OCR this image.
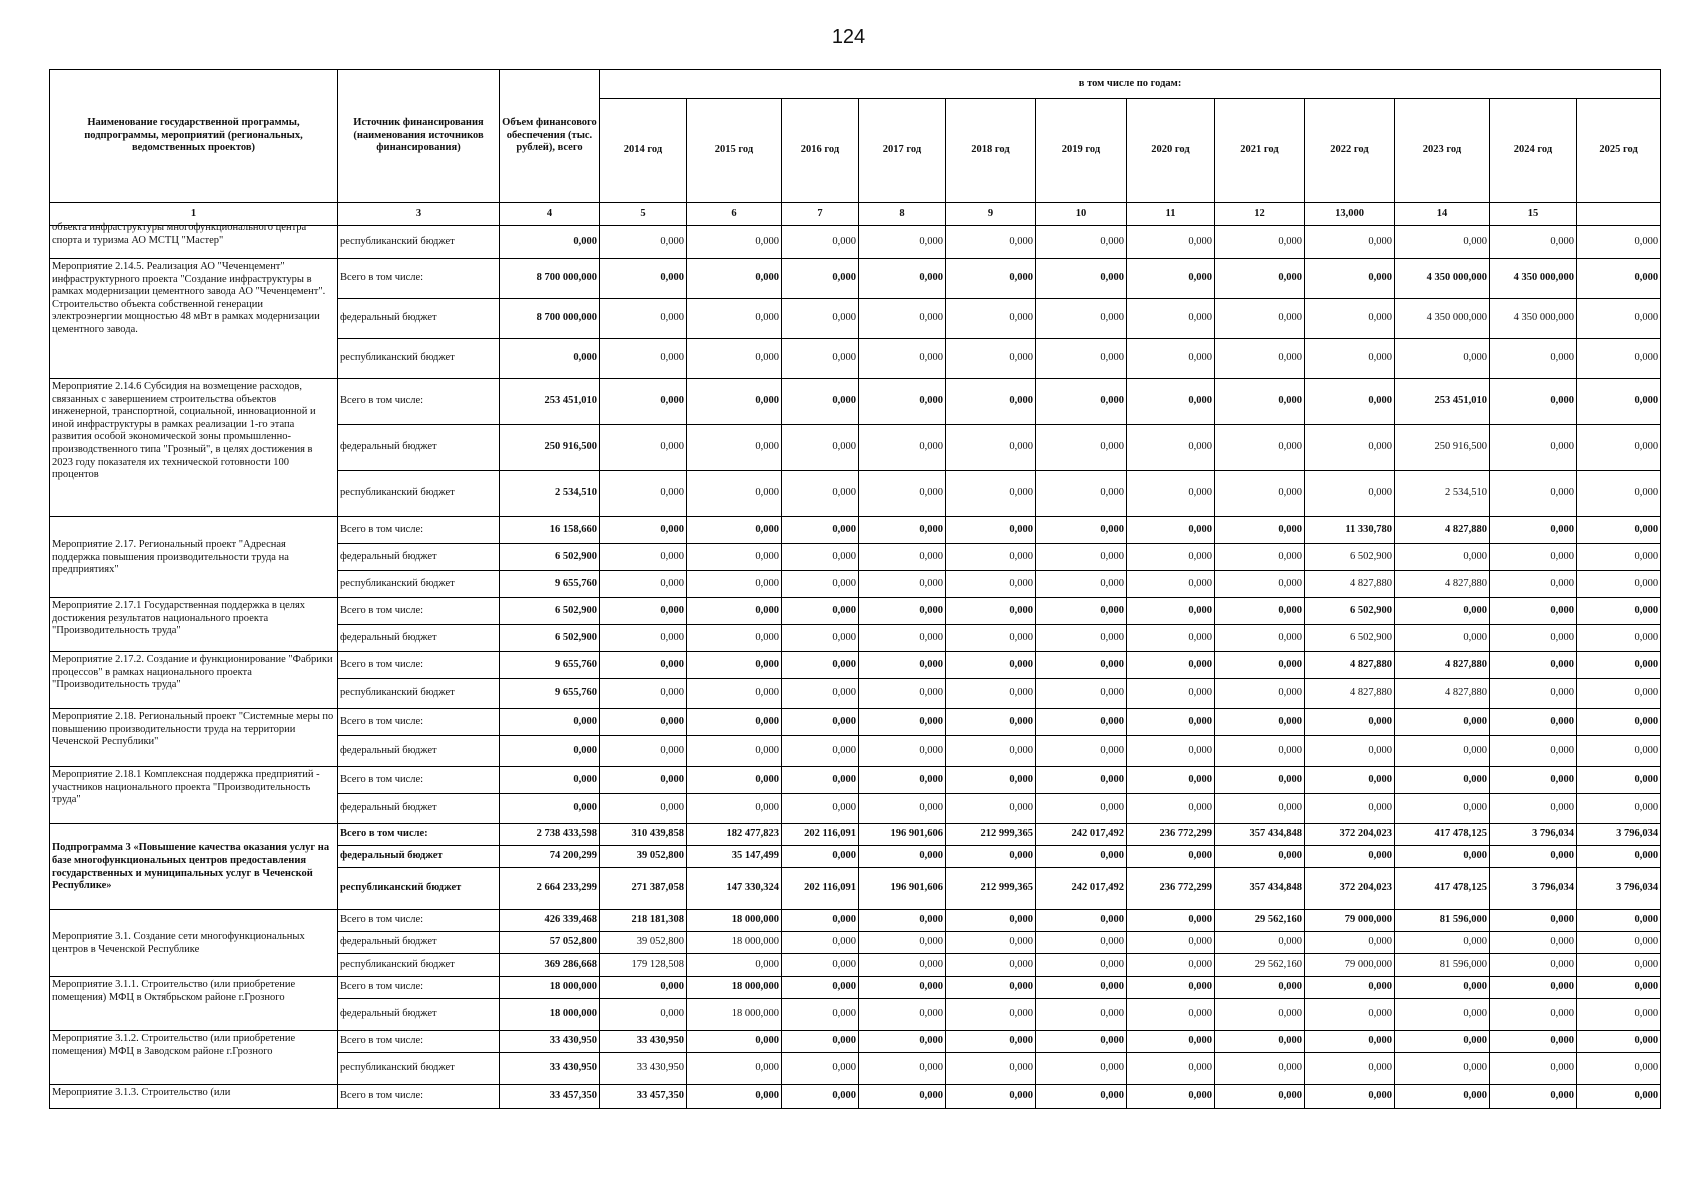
124
Наименование государственной программы, подпрограммы, мероприятий (региональных, ведомственных проектов)	Источник финансирования (наименования источников финансирования)	Объем финансового обеспечения (тыс. рублей), всего	в том числе по годам:											
			2014 год	2015 год	2016 год	2017 год	2018 год	2019 год	2020 год	2021 год	2022 год	2023 год	2024 год	2025 год
1	3	4	5	6	7	8	9	10	11	12	13,000	14	15	

объекта инфраструктуры многофункционального центра спорта и туризма АО МСТЦ "Мастер"	республиканский бюджет	0,000	0,000	0,000	0,000	0,000	0,000	0,000	0,000	0,000	0,000	0,000	0,000	0,000
Мероприятие 2.14.5. Реализация АО "Чеченцемент" инфраструктурного проекта "Создание инфраструктуры в рамках модернизации цементного завода АО "Чеченцемент". Строительство объекта собственной генерации электроэнергии мощностью 48 мВт в рамках модернизации цементного завода.	Всего в том числе:	8 700 000,000	0,000	0,000	0,000	0,000	0,000	0,000	0,000	0,000	0,000	4 350 000,000	4 350 000,000	0,000
	федеральный бюджет	8 700 000,000	0,000	0,000	0,000	0,000	0,000	0,000	0,000	0,000	0,000	4 350 000,000	4 350 000,000	0,000
	республиканский бюджет	0,000	0,000	0,000	0,000	0,000	0,000	0,000	0,000	0,000	0,000	0,000	0,000	0,000
Мероприятие 2.14.6 Субсидия на возмещение расходов, связанных с завершением строительства объектов инженерной, транспортной, социальной, инновационной и иной инфраструктуры в рамках реализации 1-го этапа развития особой экономической зоны промышленно-производственного типа "Грозный", в целях достижения в 2023 году показателя их технической готовности 100 процентов	Всего в том числе:	253 451,010	0,000	0,000	0,000	0,000	0,000	0,000	0,000	0,000	0,000	253 451,010	0,000	0,000
	федеральный бюджет	250 916,500	0,000	0,000	0,000	0,000	0,000	0,000	0,000	0,000	0,000	250 916,500	0,000	0,000
	республиканский бюджет	2 534,510	0,000	0,000	0,000	0,000	0,000	0,000	0,000	0,000	0,000	2 534,510	0,000	0,000
Мероприятие 2.17. Региональный проект "Адресная поддержка повышения производительности труда на предприятиях"	Всего в том числе:	16 158,660	0,000	0,000	0,000	0,000	0,000	0,000	0,000	0,000	11 330,780	4 827,880	0,000	0,000
	федеральный бюджет	6 502,900	0,000	0,000	0,000	0,000	0,000	0,000	0,000	0,000	6 502,900	0,000	0,000	0,000
	республиканский бюджет	9 655,760	0,000	0,000	0,000	0,000	0,000	0,000	0,000	0,000	4 827,880	4 827,880	0,000	0,000
Мероприятие 2.17.1 Государственная поддержка в целях достижения результатов национального проекта "Производительность труда"	Всего в том числе:	6 502,900	0,000	0,000	0,000	0,000	0,000	0,000	0,000	0,000	6 502,900	0,000	0,000	0,000
	федеральный бюджет	6 502,900	0,000	0,000	0,000	0,000	0,000	0,000	0,000	0,000	6 502,900	0,000	0,000	0,000
Мероприятие 2.17.2. Создание и функционирование "Фабрики процессов" в рамках национального проекта "Производительность труда"	Всего в том числе:	9 655,760	0,000	0,000	0,000	0,000	0,000	0,000	0,000	0,000	4 827,880	4 827,880	0,000	0,000
	республиканский бюджет	9 655,760	0,000	0,000	0,000	0,000	0,000	0,000	0,000	0,000	4 827,880	4 827,880	0,000	0,000
Мероприятие 2.18. Региональный проект "Системные меры по повышению производительности труда на территории Чеченской Республики"	Всего в том числе:	0,000	0,000	0,000	0,000	0,000	0,000	0,000	0,000	0,000	0,000	0,000	0,000	0,000
	федеральный бюджет	0,000	0,000	0,000	0,000	0,000	0,000	0,000	0,000	0,000	0,000	0,000	0,000	0,000
Мероприятие 2.18.1 Комплексная поддержка предприятий - участников национального проекта "Производительность труда"	Всего в том числе:	0,000	0,000	0,000	0,000	0,000	0,000	0,000	0,000	0,000	0,000	0,000	0,000	0,000
	федеральный бюджет	0,000	0,000	0,000	0,000	0,000	0,000	0,000	0,000	0,000	0,000	0,000	0,000	0,000
Подпрограмма 3 «Повышение качества оказания услуг на базе многофункциональных центров предоставления государственных и муниципальных услуг в Чеченской Республике»	Всего в том числе:	2 738 433,598	310 439,858	182 477,823	202 116,091	196 901,606	212 999,365	242 017,492	236 772,299	357 434,848	372 204,023	417 478,125	3 796,034	3 796,034
	федеральный бюджет	74 200,299	39 052,800	35 147,499	0,000	0,000	0,000	0,000	0,000	0,000	0,000	0,000	0,000	0,000
	республиканский бюджет	2 664 233,299	271 387,058	147 330,324	202 116,091	196 901,606	212 999,365	242 017,492	236 772,299	357 434,848	372 204,023	417 478,125	3 796,034	3 796,034
Мероприятие 3.1. Создание сети многофункциональных центров в Чеченской Республике	Всего в том числе:	426 339,468	218 181,308	18 000,000	0,000	0,000	0,000	0,000	0,000	29 562,160	79 000,000	81 596,000	0,000	0,000
	федеральный бюджет	57 052,800	39 052,800	18 000,000	0,000	0,000	0,000	0,000	0,000	0,000	0,000	0,000	0,000	0,000
	республиканский бюджет	369 286,668	179 128,508	0,000	0,000	0,000	0,000	0,000	0,000	29 562,160	79 000,000	81 596,000	0,000	0,000
Мероприятие 3.1.1. Строительство (или приобретение помещения) МФЦ в Октябрьском районе г.Грозного	Всего в том числе:	18 000,000	0,000	18 000,000	0,000	0,000	0,000	0,000	0,000	0,000	0,000	0,000	0,000	0,000
	федеральный бюджет	18 000,000	0,000	18 000,000	0,000	0,000	0,000	0,000	0,000	0,000	0,000	0,000	0,000	0,000
Мероприятие 3.1.2. Строительство (или приобретение помещения) МФЦ в Заводском районе г.Грозного	Всего в том числе:	33 430,950	33 430,950	0,000	0,000	0,000	0,000	0,000	0,000	0,000	0,000	0,000	0,000	0,000
	республиканский бюджет	33 430,950	33 430,950	0,000	0,000	0,000	0,000	0,000	0,000	0,000	0,000	0,000	0,000	0,000
Мероприятие 3.1.3. Строительство (или	Всего в том числе:	33 457,350	33 457,350	0,000	0,000	0,000	0,000	0,000	0,000	0,000	0,000	0,000	0,000	0,000
